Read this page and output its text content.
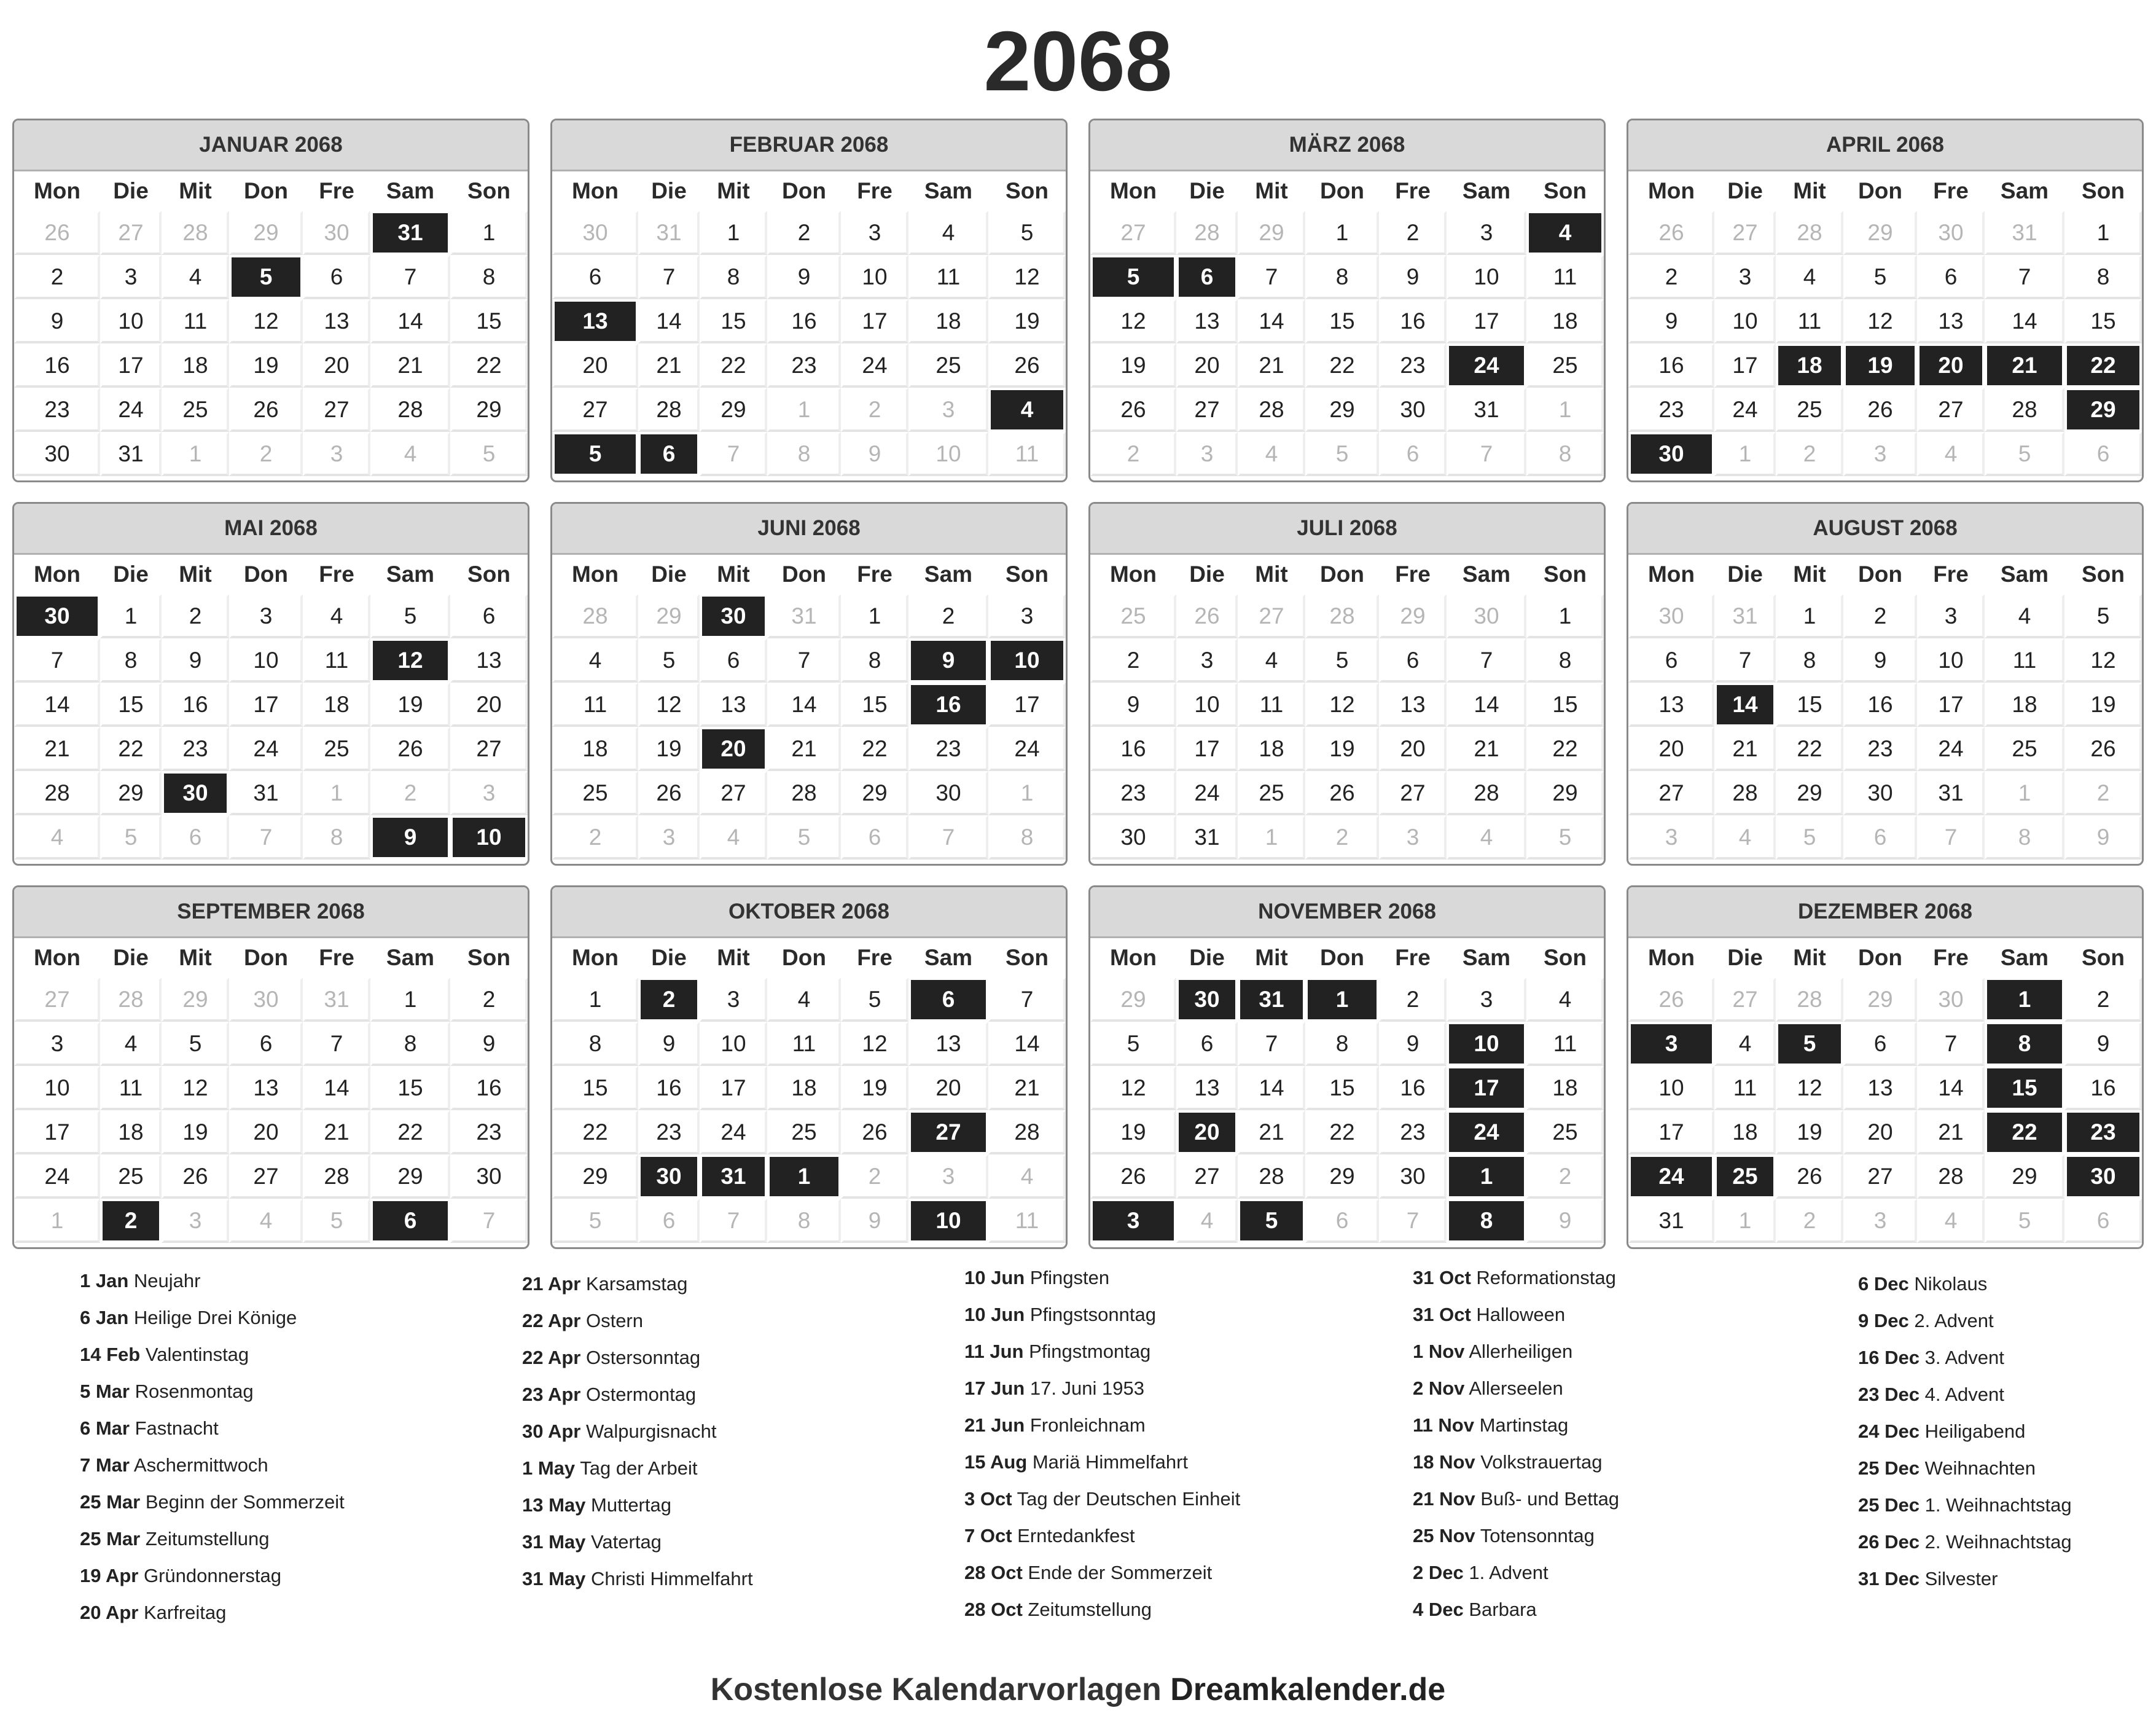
2068
JANUAR 2068
Mon	Die	Mit	Don	Fre	Sam	Son
26	27	28	29	30	31	1
2	3	4	5	6	7	8
9	10	11	12	13	14	15
16	17	18	19	20	21	22
23	24	25	26	27	28	29
30	31	1	2	3	4	5
FEBRUAR 2068
Mon	Die	Mit	Don	Fre	Sam	Son
30	31	1	2	3	4	5
6	7	8	9	10	11	12
13	14	15	16	17	18	19
20	21	22	23	24	25	26
27	28	29	1	2	3	4
5	6	7	8	9	10	11
MÄRZ 2068
Mon	Die	Mit	Don	Fre	Sam	Son
27	28	29	1	2	3	4
5	6	7	8	9	10	11
12	13	14	15	16	17	18
19	20	21	22	23	24	25
26	27	28	29	30	31	1
2	3	4	5	6	7	8
APRIL 2068
Mon	Die	Mit	Don	Fre	Sam	Son
26	27	28	29	30	31	1
2	3	4	5	6	7	8
9	10	11	12	13	14	15
16	17	18	19	20	21	22
23	24	25	26	27	28	29
30	1	2	3	4	5	6
MAI 2068
Mon	Die	Mit	Don	Fre	Sam	Son
30	1	2	3	4	5	6
7	8	9	10	11	12	13
14	15	16	17	18	19	20
21	22	23	24	25	26	27
28	29	30	31	1	2	3
4	5	6	7	8	9	10
JUNI 2068
Mon	Die	Mit	Don	Fre	Sam	Son
28	29	30	31	1	2	3
4	5	6	7	8	9	10
11	12	13	14	15	16	17
18	19	20	21	22	23	24
25	26	27	28	29	30	1
2	3	4	5	6	7	8
JULI 2068
Mon	Die	Mit	Don	Fre	Sam	Son
25	26	27	28	29	30	1
2	3	4	5	6	7	8
9	10	11	12	13	14	15
16	17	18	19	20	21	22
23	24	25	26	27	28	29
30	31	1	2	3	4	5
AUGUST 2068
Mon	Die	Mit	Don	Fre	Sam	Son
30	31	1	2	3	4	5
6	7	8	9	10	11	12
13	14	15	16	17	18	19
20	21	22	23	24	25	26
27	28	29	30	31	1	2
3	4	5	6	7	8	9
SEPTEMBER 2068
Mon	Die	Mit	Don	Fre	Sam	Son
27	28	29	30	31	1	2
3	4	5	6	7	8	9
10	11	12	13	14	15	16
17	18	19	20	21	22	23
24	25	26	27	28	29	30
1	2	3	4	5	6	7
OKTOBER 2068
Mon	Die	Mit	Don	Fre	Sam	Son
1	2	3	4	5	6	7
8	9	10	11	12	13	14
15	16	17	18	19	20	21
22	23	24	25	26	27	28
29	30	31	1	2	3	4
5	6	7	8	9	10	11
NOVEMBER 2068
Mon	Die	Mit	Don	Fre	Sam	Son
29	30	31	1	2	3	4
5	6	7	8	9	10	11
12	13	14	15	16	17	18
19	20	21	22	23	24	25
26	27	28	29	30	1	2
3	4	5	6	7	8	9
DEZEMBER 2068
Mon	Die	Mit	Don	Fre	Sam	Son
26	27	28	29	30	1	2
3	4	5	6	7	8	9
10	11	12	13	14	15	16
17	18	19	20	21	22	23
24	25	26	27	28	29	30
31	1	2	3	4	5	6
1 Jan Neujahr
6 Jan Heilige Drei Könige
14 Feb Valentinstag
5 Mar Rosenmontag
6 Mar Fastnacht
7 Mar Aschermittwoch
25 Mar Beginn der Sommerzeit
25 Mar Zeitumstellung
19 Apr Gründonnerstag
20 Apr Karfreitag
21 Apr Karsamstag
22 Apr Ostern
22 Apr Ostersonntag
23 Apr Ostermontag
30 Apr Walpurgisnacht
1 May Tag der Arbeit
13 May Muttertag
31 May Vatertag
31 May Christi Himmelfahrt
10 Jun Pfingsten
10 Jun Pfingstsonntag
11 Jun Pfingstmontag
17 Jun 17. Juni 1953
21 Jun Fronleichnam
15 Aug Mariä Himmelfahrt
3 Oct Tag der Deutschen Einheit
7 Oct Erntedankfest
28 Oct Ende der Sommerzeit
28 Oct Zeitumstellung
31 Oct Reformationstag
31 Oct Halloween
1 Nov Allerheiligen
2 Nov Allerseelen
11 Nov Martinstag
18 Nov Volkstrauertag
21 Nov Buß- und Bettag
25 Nov Totensonntag
2 Dec 1. Advent
4 Dec Barbara
6 Dec Nikolaus
9 Dec 2. Advent
16 Dec 3. Advent
23 Dec 4. Advent
24 Dec Heiligabend
25 Dec Weihnachten
25 Dec 1. Weihnachtstag
26 Dec 2. Weihnachtstag
31 Dec Silvester
Kostenlose Kalendarvorlagen Dreamkalender.de
